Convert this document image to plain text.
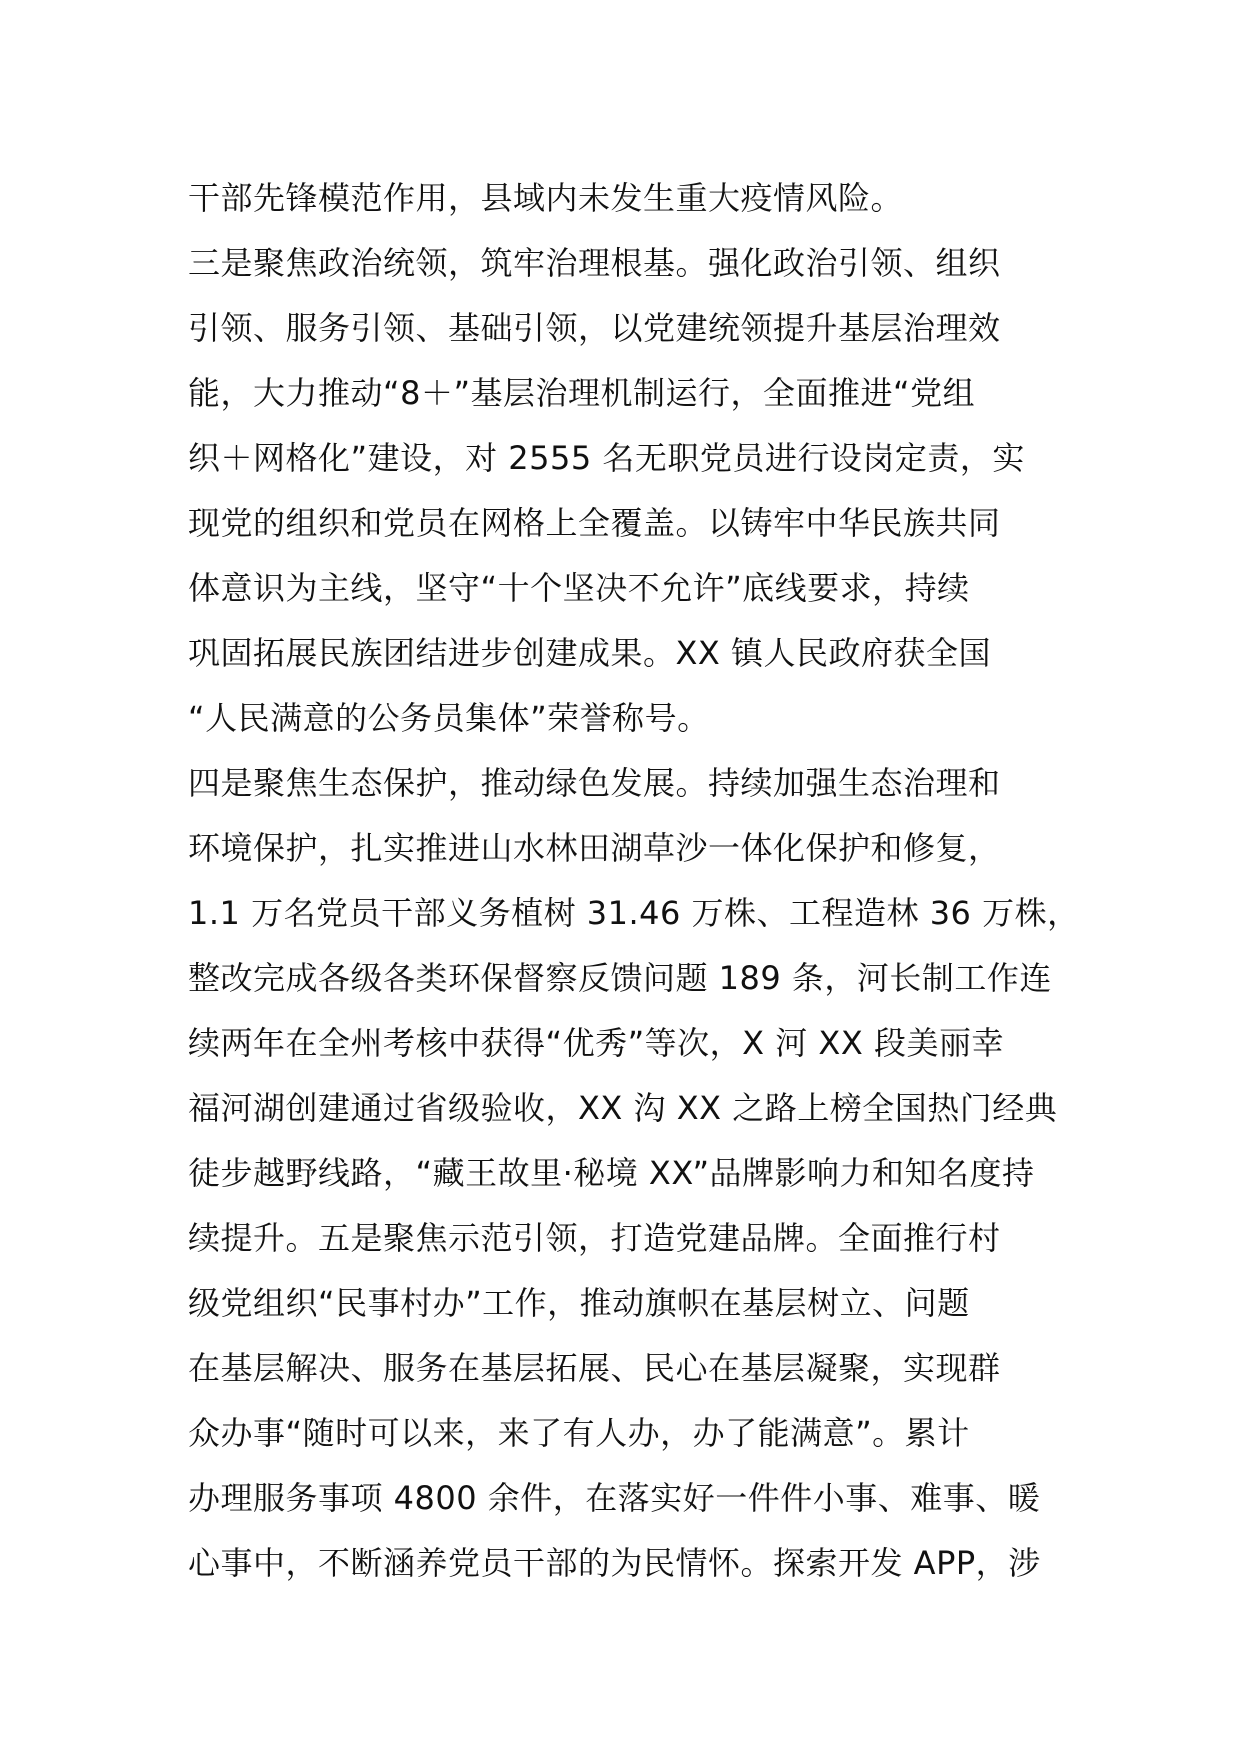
干部先锋模范作用，县域内未发生重大疫情风险。
三是聚焦政治统领，筑牢治理根基。强化政治引领、组织
引领、服务引领、基础引领，以党建统领提升基层治理效
能，大力推动“8＋”基层治理机制运行，全面推进“党组
织＋网格化”建设，对 2555 名无职党员进行设岗定责，实
现党的组织和党员在网格上全覆盖。以铸牢中华民族共同
体意识为主线，坚守“十个坚决不允许”底线要求，持续
巩固拓展民族团结进步创建成果。XX 镇人民政府获全国
“人民满意的公务员集体”荣誉称号。
四是聚焦生态保护，推动绿色发展。持续加强生态治理和
环境保护，扎实推进山水林田湖草沙一体化保护和修复，
1.1 万名党员干部义务植树 31.46 万株、工程造林 36 万株，
整改完成各级各类环保督察反馈问题 189 条，河长制工作连
续两年在全州考核中获得“优秀”等次，X 河 XX 段美丽幸
福河湖创建通过省级验收，XX 沟 XX 之路上榜全国热门经典
徒步越野线路，“藏王故里·秘境 XX”品牌影响力和知名度持
续提升。五是聚焦示范引领，打造党建品牌。全面推行村
级党组织“民事村办”工作，推动旗帜在基层树立、问题
在基层解决、服务在基层拓展、民心在基层凝聚，实现群
众办事“随时可以来，来了有人办，办了能满意”。累计
办理服务事项 4800 余件，在落实好一件件小事、难事、暖
心事中，不断涵养党员干部的为民情怀。探索开发 APP，涉
